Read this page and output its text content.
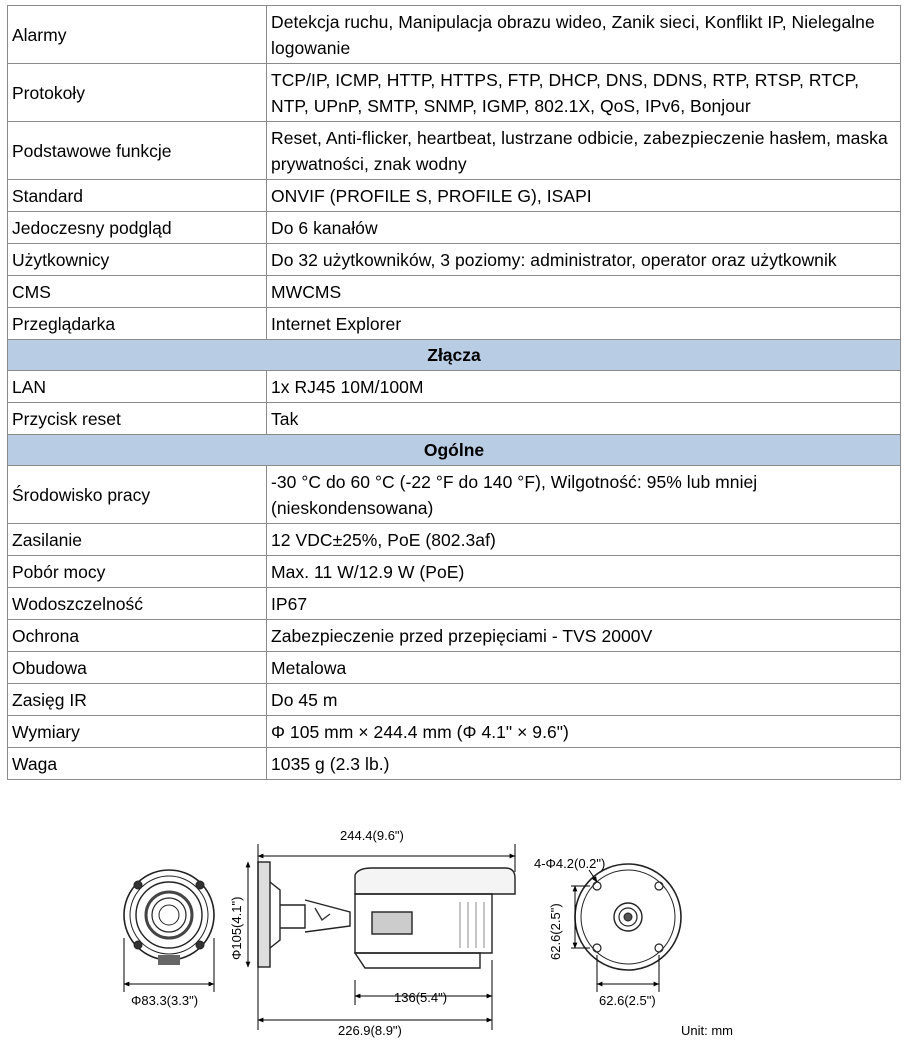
Alarmy	Detekcja ruchu, Manipulacja obrazu wideo, Zanik sieci, Konflikt IP, Nielegalne logowanie
Protokoły	TCP/IP, ICMP, HTTP, HTTPS, FTP, DHCP, DNS, DDNS, RTP, RTSP, RTCP, NTP, UPnP, SMTP, SNMP, IGMP, 802.1X, QoS, IPv6, Bonjour
Podstawowe funkcje	Reset, Anti-flicker, heartbeat, lustrzane odbicie, zabezpieczenie hasłem, maska prywatności, znak wodny
Standard	ONVIF (PROFILE S, PROFILE G), ISAPI
Jedoczesny podgląd	Do 6 kanałów
Użytkownicy	Do 32 użytkowników, 3 poziomy: administrator, operator oraz użytkownik
CMS	MWCMS
Przeglądarka	Internet Explorer
Złącza	
LAN	1x RJ45 10M/100M
Przycisk reset	Tak
Ogólne	
Środowisko pracy	-30 °C do 60 °C (-22 °F do 140 °F), Wilgotność: 95% lub mniej (nieskondensowana)
Zasilanie	12 VDC±25%, PoE (802.3af)
Pobór mocy	Max. 11 W/12.9 W (PoE)
Wodoszczelność	IP67
Ochrona	Zabezpieczenie przed przepięciami - TVS 2000V
Obudowa	Metalowa
Zasięg IR	Do 45 m
Wymiary	Φ 105 mm × 244.4 mm (Φ 4.1" × 9.6")
Waga	1035 g (2.3 lb.)
Φ83.3(3.3")
244.4(9.6")
Φ105(4.1")
136(5.4")
226.9(8.9")
4-Φ4.2(0.2")
62.6(2.5")
62.6(2.5")
Unit: mm
